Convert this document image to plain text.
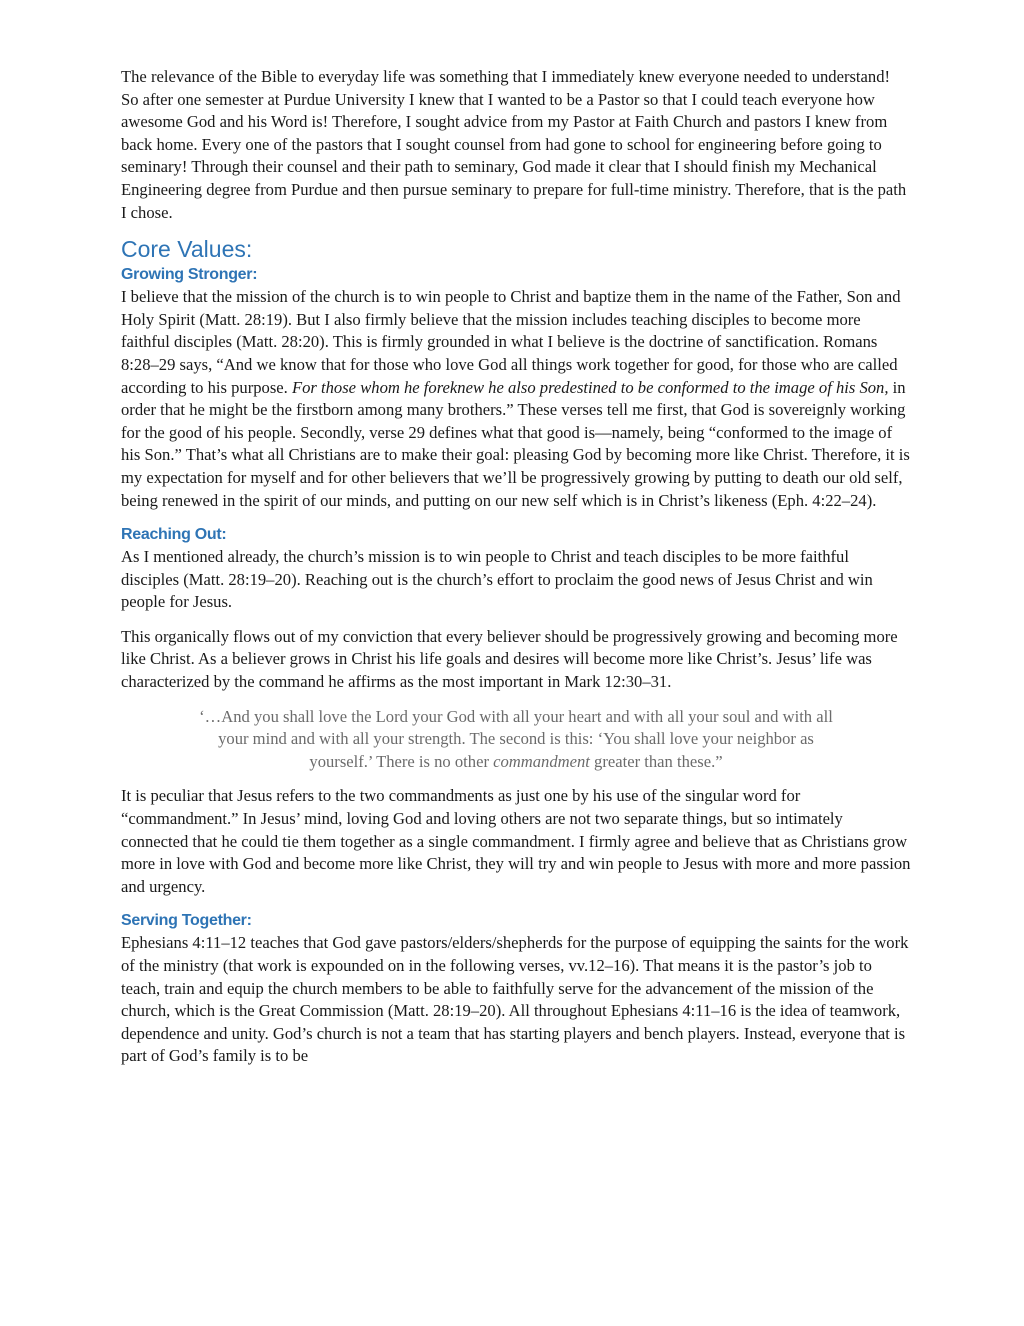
The relevance of the Bible to everyday life was something that I immediately knew everyone needed to understand! So after one semester at Purdue University I knew that I wanted to be a Pastor so that I could teach everyone how awesome God and his Word is! Therefore, I sought advice from my Pastor at Faith Church and pastors I knew from back home. Every one of the pastors that I sought counsel from had gone to school for engineering before going to seminary! Through their counsel and their path to seminary, God made it clear that I should finish my Mechanical Engineering degree from Purdue and then pursue seminary to prepare for full-time ministry. Therefore, that is the path I chose.

Core Values:
Growing Stronger:

I believe that the mission of the church is to win people to Christ and baptize them in the name of the Father, Son and Holy Spirit (Matt. 28:19). But I also firmly believe that the mission includes teaching disciples to become more faithful disciples (Matt. 28:20). This is firmly grounded in what I believe is the doctrine of sanctification. Romans 8:28–29 says, “And we know that for those who love God all things work together for good, for those who are called according to his purpose. For those whom he foreknew he also predestined to be conformed to the image of his Son, in order that he might be the firstborn among many brothers.” These verses tell me first, that God is sovereignly working for the good of his people. Secondly, verse 29 defines what that good is—namely, being “conformed to the image of his Son.” That’s what all Christians are to make their goal: pleasing God by becoming more like Christ. Therefore, it is my expectation for myself and for other believers that we’ll be progressively growing by putting to death our old self, being renewed in the spirit of our minds, and putting on our new self which is in Christ’s likeness (Eph. 4:22–24).

Reaching Out:

As I mentioned already, the church’s mission is to win people to Christ and teach disciples to be more faithful disciples (Matt. 28:19–20). Reaching out is the church’s effort to proclaim the good news of Jesus Christ and win people for Jesus.

This organically flows out of my conviction that every believer should be progressively growing and becoming more like Christ. As a believer grows in Christ his life goals and desires will become more like Christ’s. Jesus’ life was characterized by the command he affirms as the most important in Mark 12:30–31.

‘…And you shall love the Lord your God with all your heart and with all your soul and with all your mind and with all your strength. The second is this: ‘You shall love your neighbor as yourself.’ There is no other commandment greater than these.”

It is peculiar that Jesus refers to the two commandments as just one by his use of the singular word for “commandment.” In Jesus’ mind, loving God and loving others are not two separate things, but so intimately connected that he could tie them together as a single commandment. I firmly agree and believe that as Christians grow more in love with God and become more like Christ, they will try and win people to Jesus with more and more passion and urgency.

Serving Together:

Ephesians 4:11–12 teaches that God gave pastors/elders/shepherds for the purpose of equipping the saints for the work of the ministry (that work is expounded on in the following verses, vv.12–16). That means it is the pastor’s job to teach, train and equip the church members to be able to faithfully serve for the advancement of the mission of the church, which is the Great Commission (Matt. 28:19–20). All throughout Ephesians 4:11–16 is the idea of teamwork, dependence and unity. God’s church is not a team that has starting players and bench players. Instead, everyone that is part of God’s family is to be
